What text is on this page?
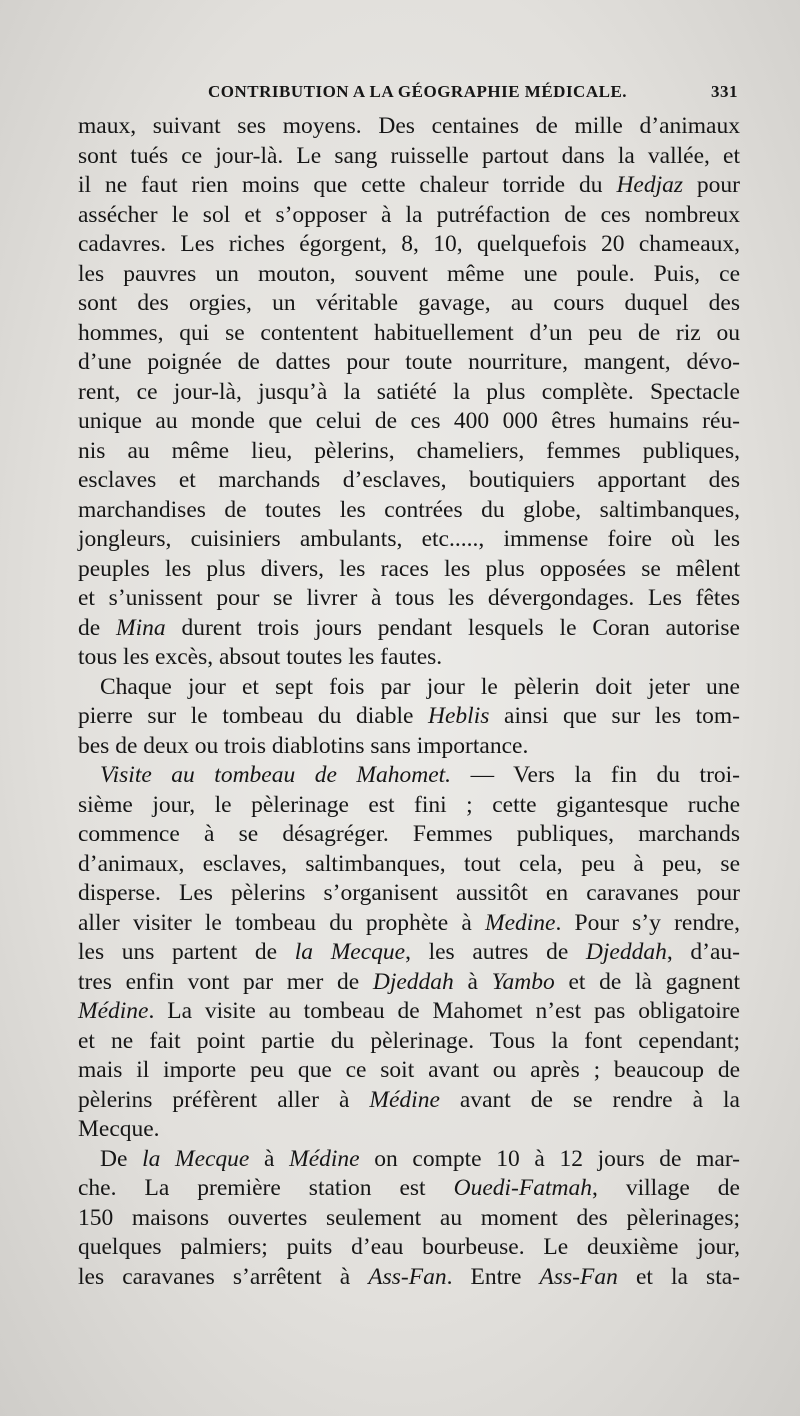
CONTRIBUTION A LA GÉOGRAPHIE MÉDICALE.	331
maux, suivant ses moyens. Des centaines de mille d’animaux
sont tués ce jour-là. Le sang ruisselle partout dans la vallée, et
il ne faut rien moins que cette chaleur torride du Hedjaz pour
assécher le sol et s’opposer à la putréfaction de ces nombreux
cadavres. Les riches égorgent, 8, 10, quelquefois 20 chameaux,
les pauvres un mouton, souvent même une poule. Puis, ce
sont des orgies, un véritable gavage, au cours duquel des
hommes, qui se contentent habituellement d’un peu de riz ou
d’une poignée de dattes pour toute nourriture, mangent, dévo-
rent, ce jour-là, jusqu’à la satiété la plus complète. Spectacle
unique au monde que celui de ces 400 000 êtres humains réu-
nis au même lieu, pèlerins, chameliers, femmes publiques,
esclaves et marchands d’esclaves, boutiquiers apportant des
marchandises de toutes les contrées du globe, saltimbanques,
jongleurs, cuisiniers ambulants, etc....., immense foire où les
peuples les plus divers, les races les plus opposées se mêlent
et s’unissent pour se livrer à tous les dévergondages. Les fêtes
de Mina durent trois jours pendant lesquels le Coran autorise
tous les excès, absout toutes les fautes.
Chaque jour et sept fois par jour le pèlerin doit jeter une
pierre sur le tombeau du diable Heblis ainsi que sur les tom-
bes de deux ou trois diablotins sans importance.
Visite au tombeau de Mahomet. — Vers la fin du troi-
sième jour, le pèlerinage est fini ; cette gigantesque ruche
commence à se désagréger. Femmes publiques, marchands
d’animaux, esclaves, saltimbanques, tout cela, peu à peu, se
disperse. Les pèlerins s’organisent aussitôt en caravanes pour
aller visiter le tombeau du prophète à Medine. Pour s’y rendre,
les uns partent de la Mecque, les autres de Djeddah, d’au-
tres enfin vont par mer de Djeddah à Yambo et de là gagnent
Médine. La visite au tombeau de Mahomet n’est pas obligatoire
et ne fait point partie du pèlerinage. Tous la font cependant;
mais il importe peu que ce soit avant ou après ; beaucoup de
pèlerins préfèrent aller à Médine avant de se rendre à la
Mecque.
De la Mecque à Médine on compte 10 à 12 jours de mar-
che. La première station est Ouedi-Fatmah, village de
150 maisons ouvertes seulement au moment des pèlerinages;
quelques palmiers; puits d’eau bourbeuse. Le deuxième jour,
les caravanes s’arrêtent à Ass-Fan. Entre Ass-Fan et la sta-
